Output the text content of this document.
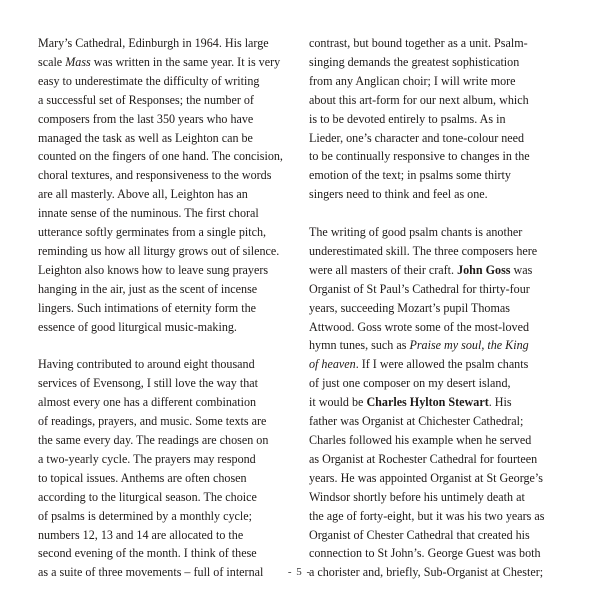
Mary’s Cathedral, Edinburgh in 1964. His large
scale Mass was written in the same year. It is very
easy to underestimate the difficulty of writing
a successful set of Responses; the number of
composers from the last 350 years who have
managed the task as well as Leighton can be
counted on the fingers of one hand. The concision,
choral textures, and responsiveness to the words
are all masterly. Above all, Leighton has an
innate sense of the numinous. The first choral
utterance softly germinates from a single pitch,
reminding us how all liturgy grows out of silence.
Leighton also knows how to leave sung prayers
hanging in the air, just as the scent of incense
lingers. Such intimations of eternity form the
essence of good liturgical music-making.
Having contributed to around eight thousand
services of Evensong, I still love the way that
almost every one has a different combination
of readings, prayers, and music. Some texts are
the same every day. The readings are chosen on
a two-yearly cycle. The prayers may respond
to topical issues. Anthems are often chosen
according to the liturgical season. The choice
of psalms is determined by a monthly cycle;
numbers 12, 13 and 14 are allocated to the
second evening of the month. I think of these
as a suite of three movements – full of internal
contrast, but bound together as a unit. Psalm-
singing demands the greatest sophistication
from any Anglican choir; I will write more
about this art-form for our next album, which
is to be devoted entirely to psalms. As in
Lieder, one’s character and tone-colour need
to be continually responsive to changes in the
emotion of the text; in psalms some thirty
singers need to think and feel as one.
The writing of good psalm chants is another
underestimated skill. The three composers here
were all masters of their craft. John Goss was
Organist of St Paul’s Cathedral for thirty-four
years, succeeding Mozart’s pupil Thomas
Attwood. Goss wrote some of the most-loved
hymn tunes, such as Praise my soul, the King
of heaven. If I were allowed the psalm chants
of just one composer on my desert island,
it would be Charles Hylton Stewart. His
father was Organist at Chichester Cathedral;
Charles followed his example when he served
as Organist at Rochester Cathedral for fourteen
years. He was appointed Organist at St George’s
Windsor shortly before his untimely death at
the age of forty-eight, but it was his two years as
Organist of Chester Cathedral that created his
connection to St John’s. George Guest was both
a chorister and, briefly, Sub-Organist at Chester;
- 5 -
